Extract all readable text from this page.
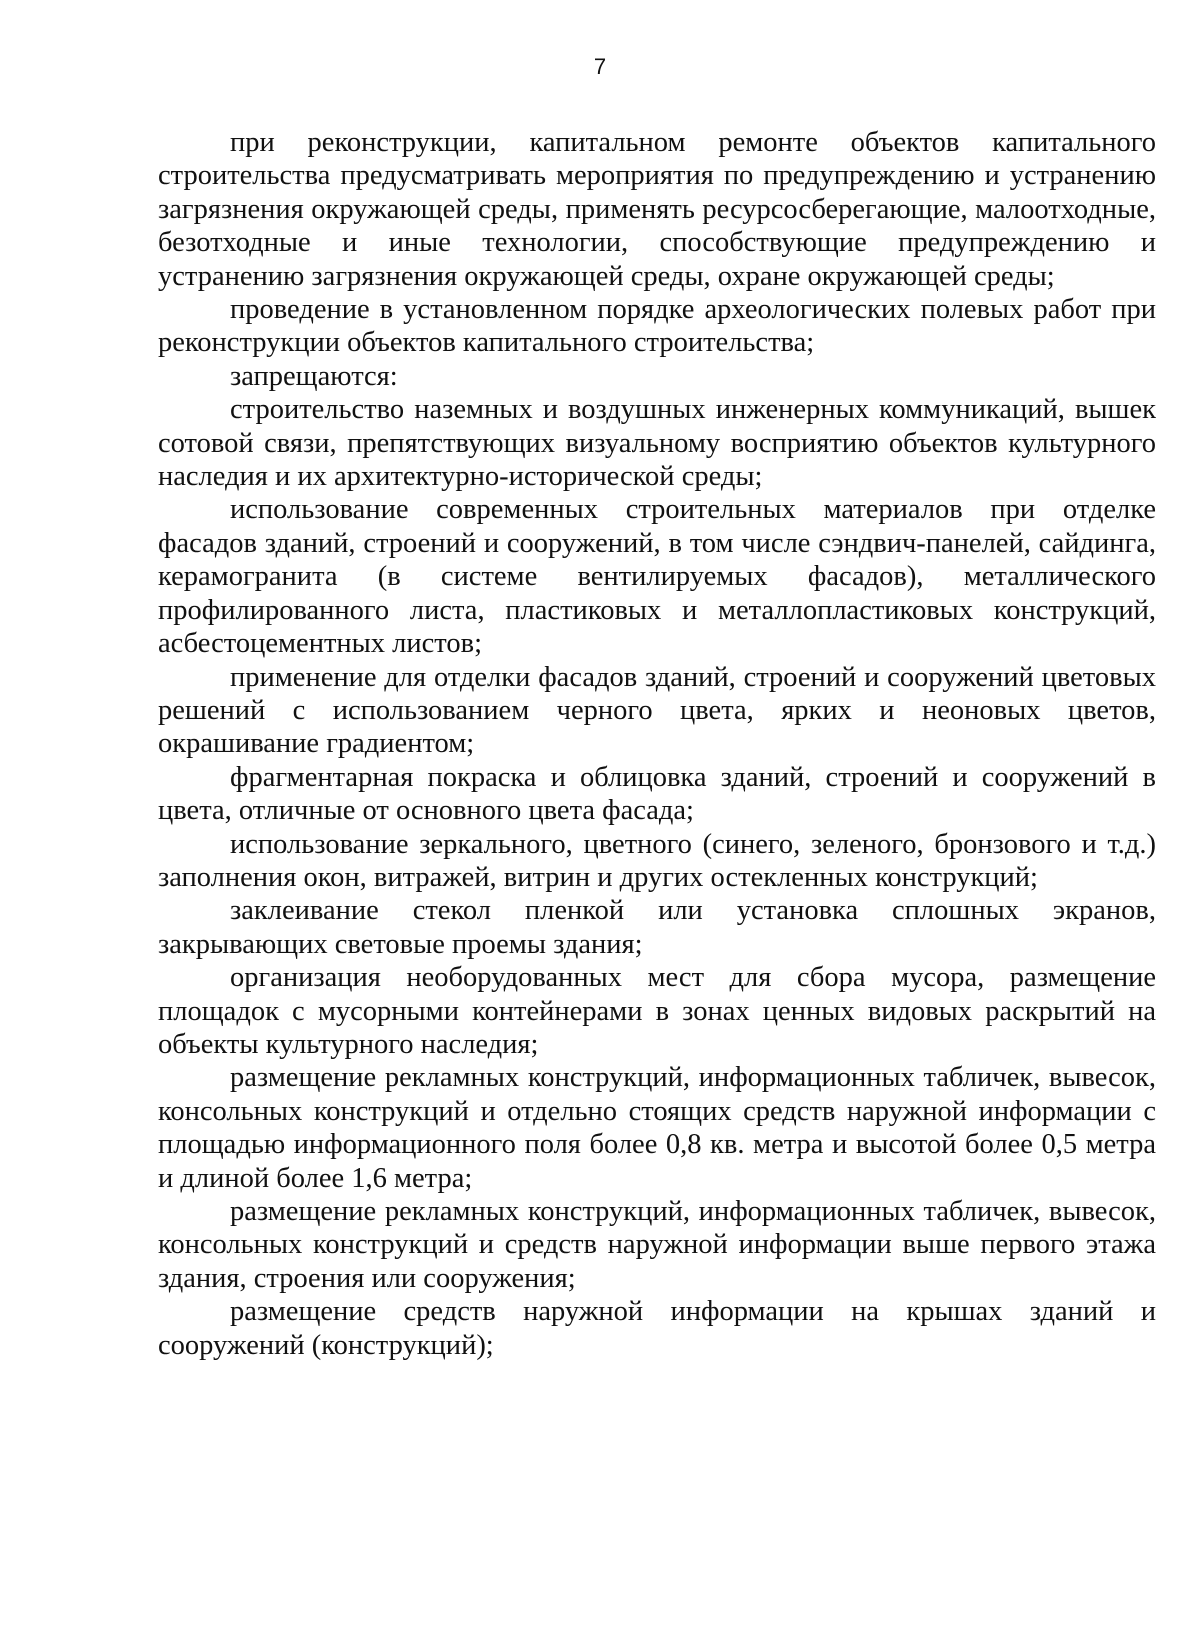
7

при реконструкции, капитальном ремонте объектов капитального строительства предусматривать мероприятия по предупреждению и устранению загрязнения окружающей среды, применять ресурсосберегающие, малоотходные, безотходные и иные технологии, способствующие предупреждению и устранению загрязнения окружающей среды, охране окружающей среды;

проведение в установленном порядке археологических полевых работ при реконструкции объектов капитального строительства;

запрещаются:

строительство наземных и воздушных инженерных коммуникаций, вышек сотовой связи, препятствующих визуальному восприятию объектов культурного наследия и их архитектурно-исторической среды;

использование современных строительных материалов при отделке фасадов зданий, строений и сооружений, в том числе сэндвич-панелей, сайдинга, керамогранита (в системе вентилируемых фасадов), металлического профилированного листа, пластиковых и металлопластиковых конструкций, асбестоцементных листов;

применение для отделки фасадов зданий, строений и сооружений цветовых решений с использованием черного цвета, ярких и неоновых цветов, окрашивание градиентом;

фрагментарная покраска и облицовка зданий, строений и сооружений в цвета, отличные от основного цвета фасада;

использование зеркального, цветного (синего, зеленого, бронзового и т.д.) заполнения окон, витражей, витрин и других остекленных конструкций;

заклеивание стекол пленкой или установка сплошных экранов, закрывающих световые проемы здания;

организация необорудованных мест для сбора мусора, размещение площадок с мусорными контейнерами в зонах ценных видовых раскрытий на объекты культурного наследия;

размещение рекламных конструкций, информационных табличек, вывесок, консольных конструкций и отдельно стоящих средств наружной информации с площадью информационного поля более 0,8 кв. метра и высотой более 0,5 метра и длиной более 1,6 метра;

размещение рекламных конструкций, информационных табличек, вывесок, консольных конструкций и средств наружной информации выше первого этажа здания, строения или сооружения;

размещение средств наружной информации на крышах зданий и сооружений (конструкций);
